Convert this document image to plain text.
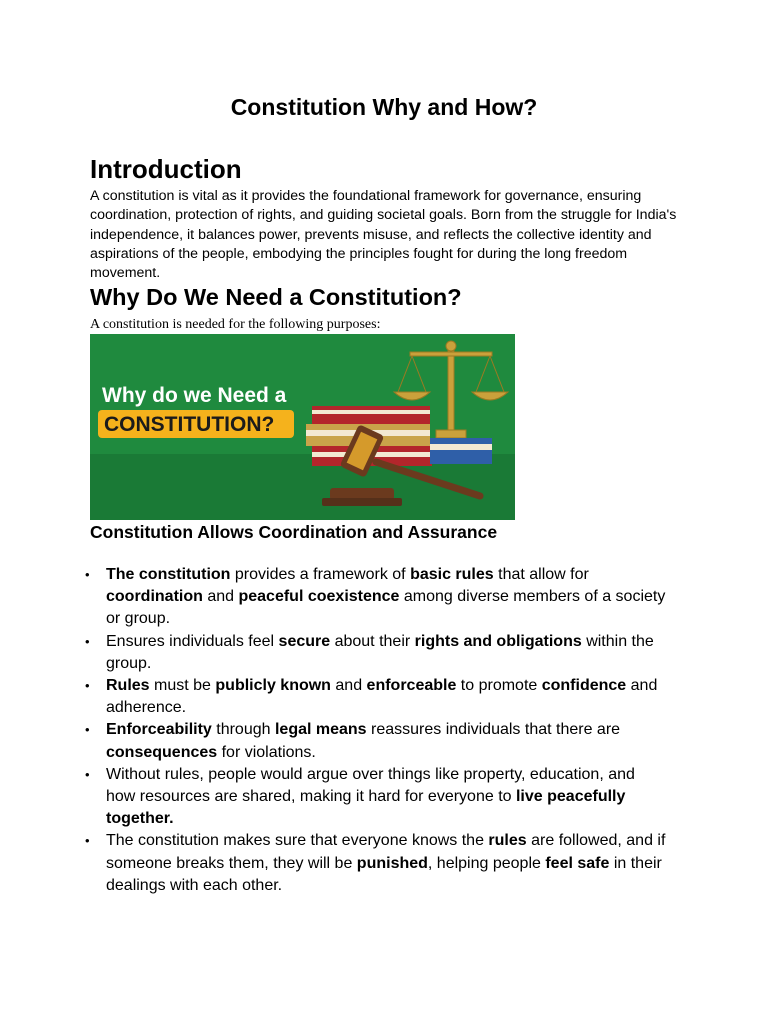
Constitution Why and How?
Introduction

A constitution is vital as it provides the foundational framework for governance, ensuring coordination, protection of rights, and guiding societal goals. Born from the struggle for India's independence, it balances power, prevents misuse, and reflects the collective identity and aspirations of the people, embodying the principles fought for during the long freedom movement.

Why Do We Need a Constitution?

A constitution is needed for the following purposes:

Why do we Need a
CONSTITUTION?
Constitution Allows Coordination and Assurance
• The constitution provides a framework of basic rules that allow for coordination and peaceful coexistence among diverse members of a society or group.
• Ensures individuals feel secure about their rights and obligations within the group.
• Rules must be publicly known and enforceable to promote confidence and adherence.
• Enforceability through legal means reassures individuals that there are consequences for violations.
• Without rules, people would argue over things like property, education, and how resources are shared, making it hard for everyone to live peacefully together.
• The constitution makes sure that everyone knows the rules are followed, and if someone breaks them, they will be punished, helping people feel safe in their dealings with each other.
